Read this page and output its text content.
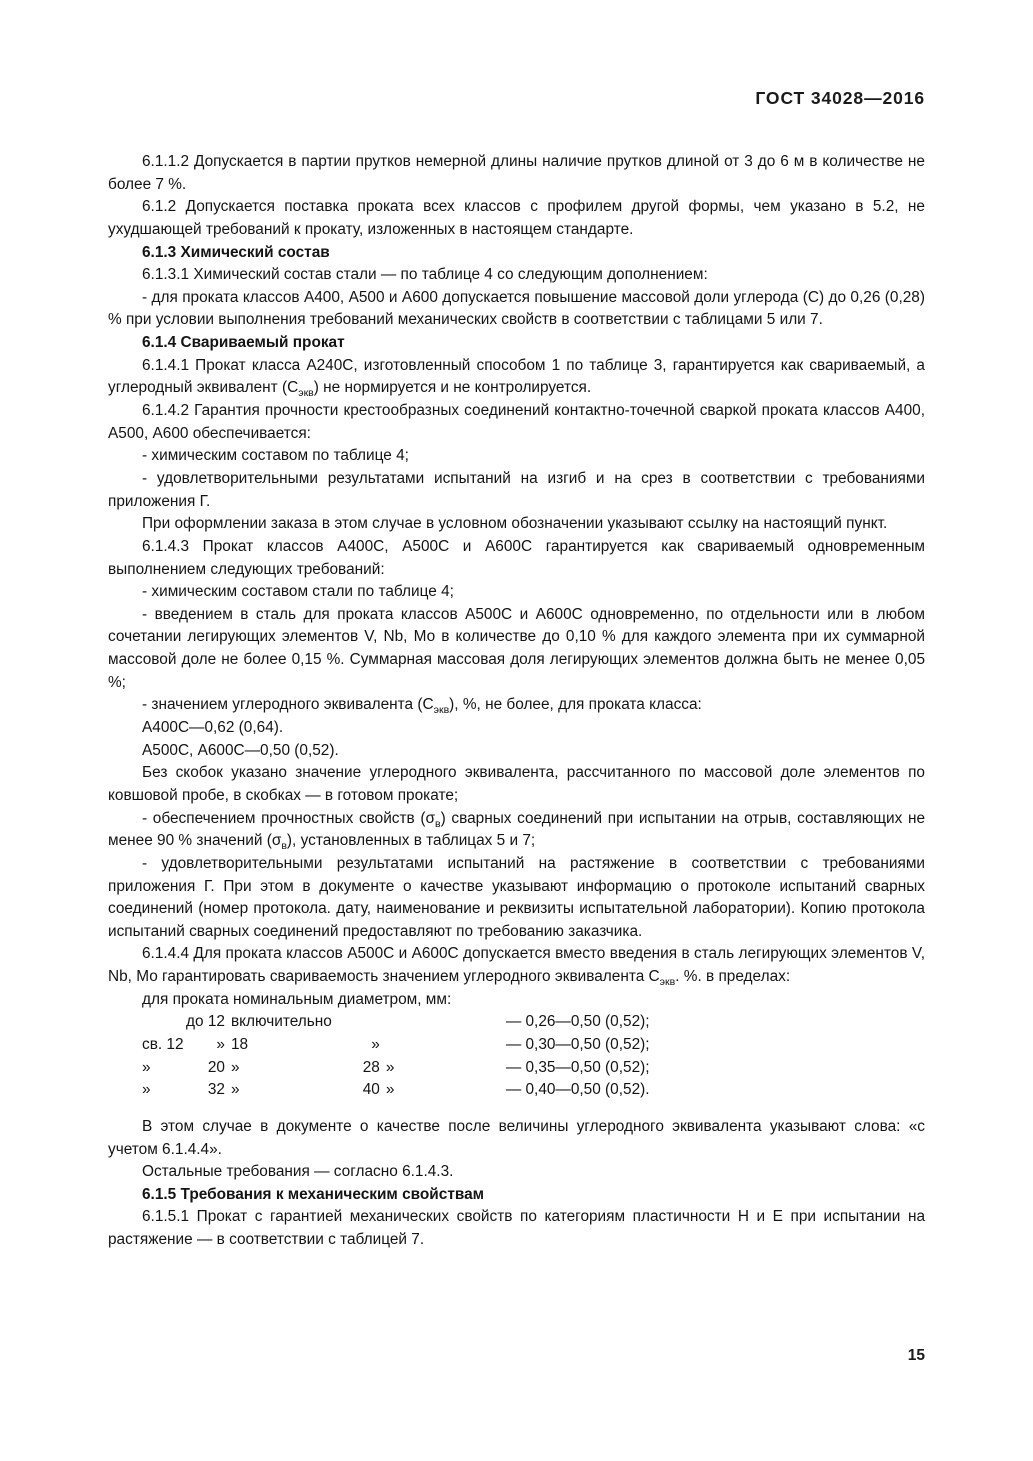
ГОСТ 34028—2016

6.1.1.2 Допускается в партии прутков немерной длины наличие прутков длиной от 3 до 6 м в количестве не более 7 %.

6.1.2 Допускается поставка проката всех классов с профилем другой формы, чем указано в 5.2, не ухудшающей требований к прокату, изложенных в настоящем стандарте.

6.1.3 Химический состав

6.1.3.1 Химический состав стали — по таблице 4 со следующим дополнением:

- для проката классов А400, А500 и А600 допускается повышение массовой доли углерода (С) до 0,26 (0,28) % при условии выполнения требований механических свойств в соответствии с таблицами 5 или 7.

6.1.4 Свариваемый прокат

6.1.4.1 Прокат класса А240С, изготовленный способом 1 по таблице 3, гарантируется как свариваемый, а углеродный эквивалент $(С_{экв})$ не нормируется и не контролируется.

6.1.4.2 Гарантия прочности крестообразных соединений контактно-точечной сваркой проката классов А400, А500, А600 обеспечивается:

- химическим составом по таблице 4;

- удовлетворительными результатами испытаний на изгиб и на срез в соответствии с требованиями приложения Г.

При оформлении заказа в этом случае в условном обозначении указывают ссылку на настоящий пункт.

6.1.4.3 Прокат классов А400С, А500С и А600С гарантируется как свариваемый одновременным выполнением следующих требований:

- химическим составом стали по таблице 4;

- введением в сталь для проката классов А500С и А600С одновременно, по отдельности или в любом сочетании легирующих элементов V, Nb, Мо в количестве до 0,10 % для каждого элемента при их суммарной массовой доле не более 0,15 %. Суммарная массовая доля легирующих элементов должна быть не менее 0,05 %;

- значением углеродного эквивалента $(С_{экв})$, %, не более, для проката класса:

А400С—0,62 (0,64).

А500С, А600С—0,50 (0,52).

Без скобок указано значение углеродного эквивалента, рассчитанного по массовой доле элементов по ковшовой пробе, в скобках — в готовом прокате;

- обеспечением прочностных свойств $(\sigma_в)$ сварных соединений при испытании на отрыв, составляющих не менее 90 % значений $(\sigma_в)$, установленных в таблицах 5 и 7;

- удовлетворительными результатами испытаний на растяжение в соответствии с требованиями приложения Г. При этом в документе о качестве указывают информацию о протоколе испытаний сварных соединений (номер протокола. дату, наименование и реквизиты испытательной лаборатории). Копию протокола испытаний сварных соединений предоставляют по требованию заказчика.

6.1.4.4 Для проката классов А500С и А600С допускается вместо введения в сталь легирующих элементов V, Nb, Мо гарантировать свариваемость значением углеродного эквивалента $С_{экв}$. %. в пределах:

для проката номинальным диаметром, мм:

	до 12	включительно			— 0,26—0,50 (0,52);
св. 12	»	18	»		— 0,30—0,50 (0,52);
»	20	»	28	»	— 0,35—0,50 (0,52);
»	32	»	40	»	— 0,40—0,50 (0,52).

В этом случае в документе о качестве после величины углеродного эквивалента указывают слова: «с учетом 6.1.4.4».

Остальные требования — согласно 6.1.4.3.

6.1.5 Требования к механическим свойствам

6.1.5.1 Прокат с гарантией механических свойств по категориям пластичности Н и Е при испытании на растяжение — в соответствии с таблицей 7.

15
